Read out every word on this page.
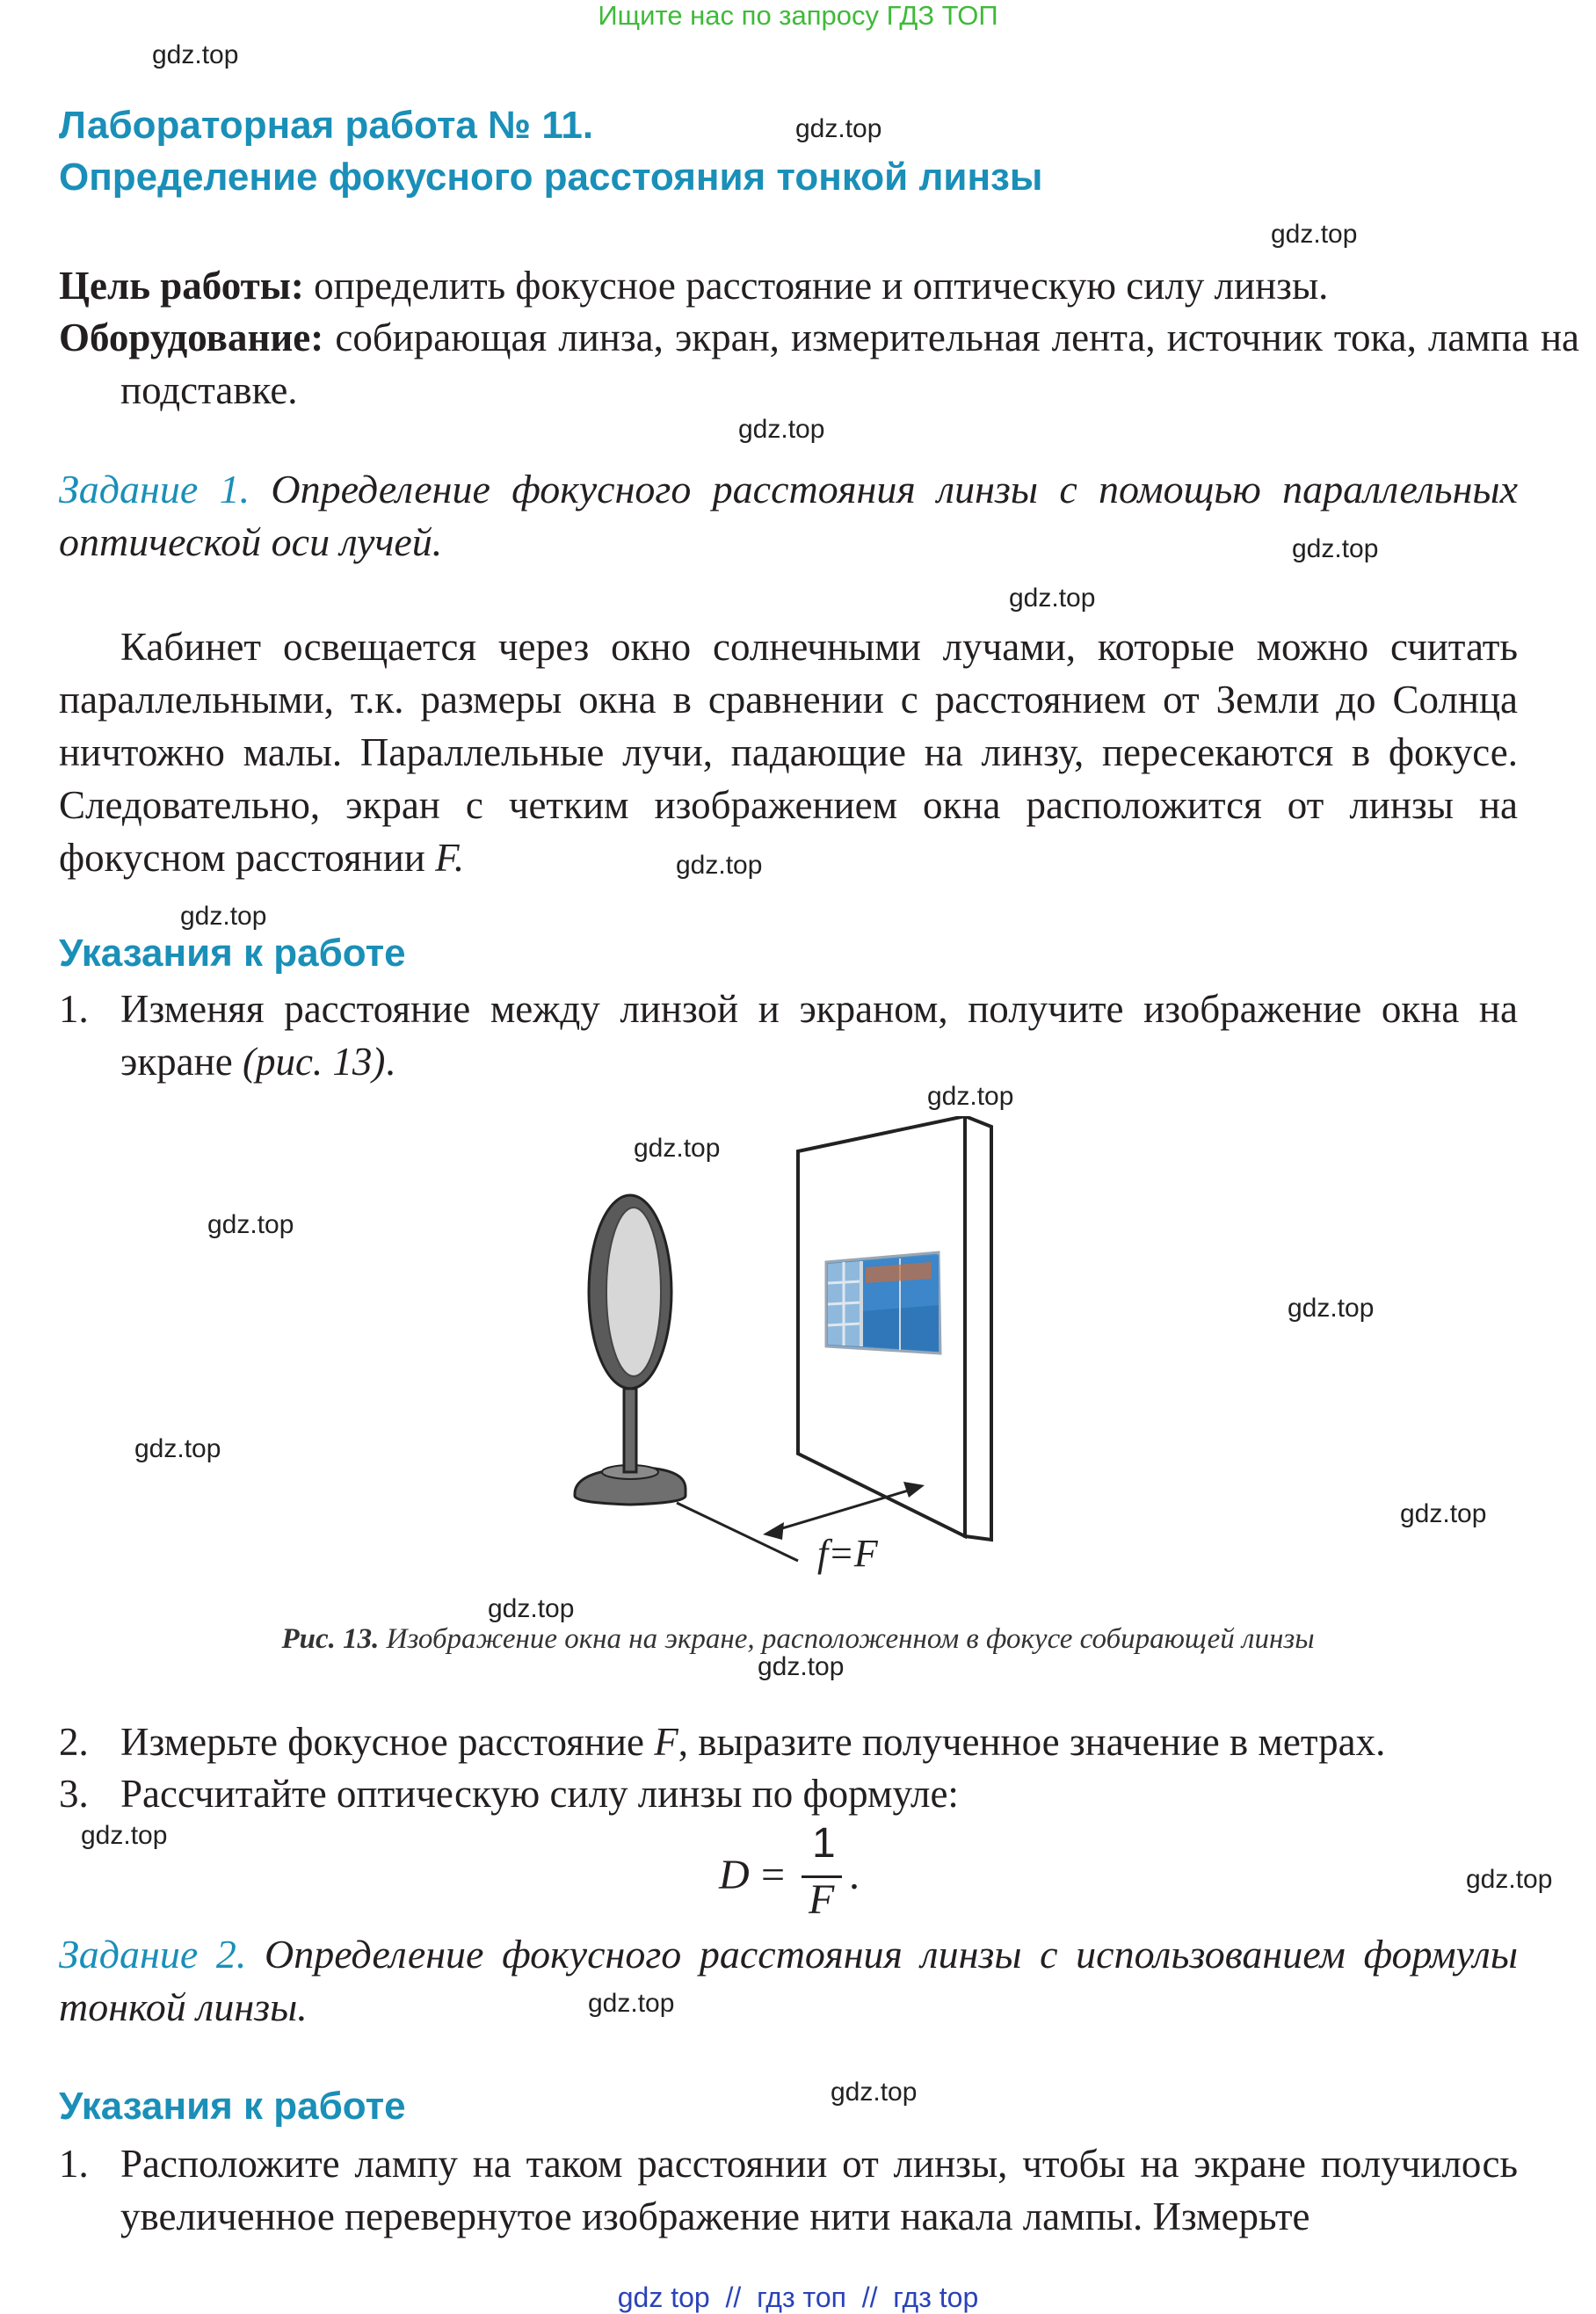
Ищите нас по запросу ГДЗ ТОП
gdz.top
gdz.top
gdz.top
gdz.top
gdz.top
gdz.top
gdz.top
gdz.top
gdz.top
gdz.top
gdz.top
gdz.top
gdz.top
gdz.top
gdz.top
gdz.top
gdz.top
gdz.top
gdz.top
gdz.top
Лабораторная работа № 11.
Определение фокусного расстояния тонкой линзы
Цель работы: определить фокусное расстояние и оптическую силу линзы.
Оборудование: собирающая линза, экран, измерительная лента, источник тока, лампа на подставке.
Задание 1. Определение фокусного расстояния линзы с помощью параллельных оптической оси лучей.
Кабинет освещается через окно солнечными лучами, которые можно считать параллельными, т.к. размеры окна в сравнении с расстоянием от Земли до Солнца ничтожно малы. Параллельные лучи, падающие на линзу, пересекаются в фокусе. Следовательно, экран с четким изображением окна расположится от линзы на фокусном расстоянии F.
Указания к работе
1. Изменяя расстояние между линзой и экраном, получите изображение окна на экране (рис. 13).
f=F
Рис. 13. Изображение окна на экране, расположенном в фокусе собирающей линзы
2. Измерьте фокусное расстояние F, выразите полученное значение в метрах.
3. Рассчитайте оптическую силу линзы по формуле:
D =
1
F
.
Задание 2. Определение фокусного расстояния линзы с использованием формулы тонкой линзы.
Указания к работе
1. Расположите лампу на таком расстоянии от линзы, чтобы на экране получилось увеличенное перевернутое изображение нити накала лампы. Измерьте
gdz top  //  гдз топ  //  гдз top
